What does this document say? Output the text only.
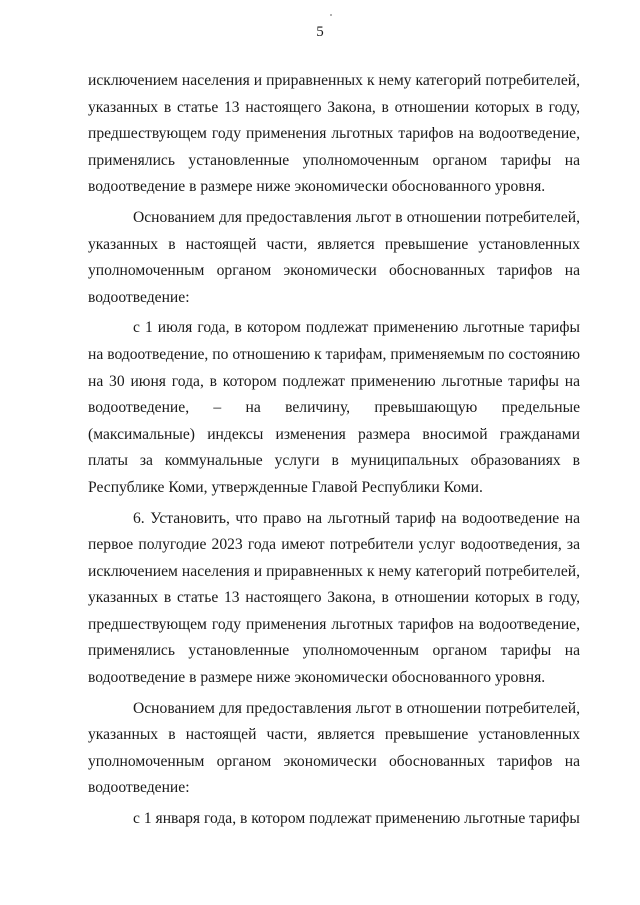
5

исключением населения и приравненных к нему категорий потребителей, указанных в статье 13 настоящего Закона, в отношении которых в году, предшествующем году применения льготных тарифов на водоотведение, применялись установленные уполномоченным органом тарифы на водоотведение в размере ниже экономически обоснованного уровня.

Основанием для предоставления льгот в отношении потребителей, указанных в настоящей части, является превышение установленных уполномоченным органом экономически обоснованных тарифов на водоотведение:

с 1 июля года, в котором подлежат применению льготные тарифы на водоотведение, по отношению к тарифам, применяемым по состоянию на 30 июня года, в котором подлежат применению льготные тарифы на водоотведение, – на величину, превышающую предельные (максимальные) индексы изменения размера вносимой гражданами платы за коммунальные услуги в муниципальных образованиях в Республике Коми, утвержденные Главой Республики Коми.

6. Установить, что право на льготный тариф на водоотведение на первое полугодие 2023 года имеют потребители услуг водоотведения, за исключением населения и приравненных к нему категорий потребителей, указанных в статье 13 настоящего Закона, в отношении которых в году, предшествующем году применения льготных тарифов на водоотведение, применялись установленные уполномоченным органом тарифы на водоотведение в размере ниже экономически обоснованного уровня.

Основанием для предоставления льгот в отношении потребителей, указанных в настоящей части, является превышение установленных уполномоченным органом экономически обоснованных тарифов на водоотведение:

с 1 января года, в котором подлежат применению льготные тарифы
